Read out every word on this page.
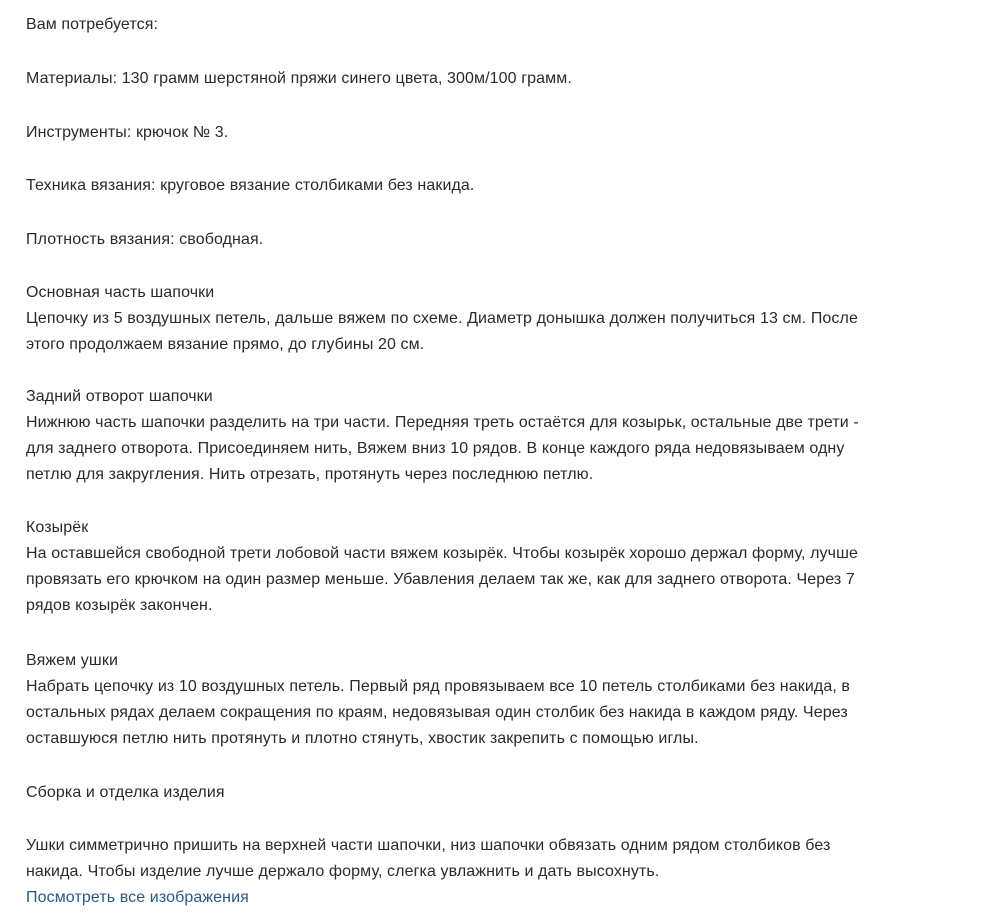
Вам потребуется:
Материалы: 130 грамм шерстяной пряжи синего цвета, 300м/100 грамм.
Инструменты: крючок № 3.
Техника вязания: круговое вязание столбиками без накида.
Плотность вязания: свободная.
Основная часть шапочки
Цепочку из 5 воздушных петель, дальше вяжем по схеме. Диаметр донышка должен получиться 13 см. После
этого продолжаем вязание прямо, до глубины 20 см.
Задний отворот шапочки
Нижнюю часть шапочки разделить на три части. Передняя треть остаётся для козырьк, остальные две трети -
для заднего отворота. Присоединяем нить, Вяжем вниз 10 рядов. В конце каждого ряда недовязываем одну
петлю для закругления. Нить отрезать, протянуть через последнюю петлю.
Козырёк
На оставшейся свободной трети лобовой части вяжем козырёк. Чтобы козырёк хорошо держал форму, лучше
провязать его крючком на один размер меньше. Убавления делаем так же, как для заднего отворота. Через 7
рядов козырёк закончен.
Вяжем ушки
Набрать цепочку из 10 воздушных петель. Первый ряд провязываем все 10 петель столбиками без накида, в
остальных рядах делаем сокращения по краям, недовязывая один столбик без накида в каждом ряду. Через
оставшуюся петлю нить протянуть и плотно стянуть, хвостик закрепить с помощью иглы.
Сборка и отделка изделия
Ушки симметрично пришить на верхней части шапочки, низ шапочки обвязать одним рядом столбиков без
накида. Чтобы изделие лучше держало форму, слегка увлажнить и дать высохнуть.
Посмотреть все изображения
